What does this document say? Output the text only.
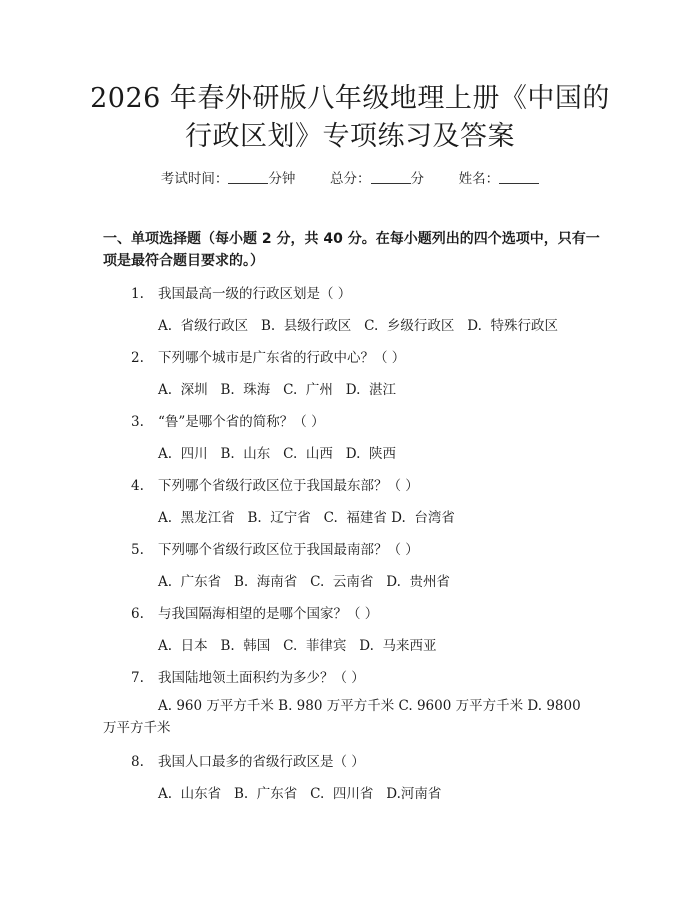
2026 年春外研版八年级地理上册《中国的行政区划》专项练习及答案
考试时间：	分钟	总分：	分	姓名：
一、单项选择题（每小题 2 分，共 40 分。在每小题列出的四个选项中，只有一项是最符合题目要求的。）
1. 我国最高一级的行政区划是（ ）
A.  省级行政区   B.  县级行政区   C.  乡级行政区   D.  特殊行政区
2. 下列哪个城市是广东省的行政中心？（ ）
A.  深圳   B.  珠海   C.  广州   D.  湛江
3. “鲁”是哪个省的简称？（ ）
A.  四川   B.  山东   C.  山西   D.  陕西
4. 下列哪个省级行政区位于我国最东部？（ ）
A.  黑龙江省   B.  辽宁省   C.  福建省 D.  台湾省
5. 下列哪个省级行政区位于我国最南部？（ ）
A.  广东省   B.  海南省   C.  云南省   D.  贵州省
6. 与我国隔海相望的是哪个国家？（ ）
A.  日本   B.  韩国   C.  菲律宾   D.  马来西亚
7. 我国陆地领土面积约为多少？（ ）
A. 960 万平方千米 B. 980 万平方千米 C. 9600 万平方千米 D. 9800
万平方千米
8. 我国人口最多的省级行政区是（ ）
A.  山东省   B.  广东省   C.  四川省   D.河南省
